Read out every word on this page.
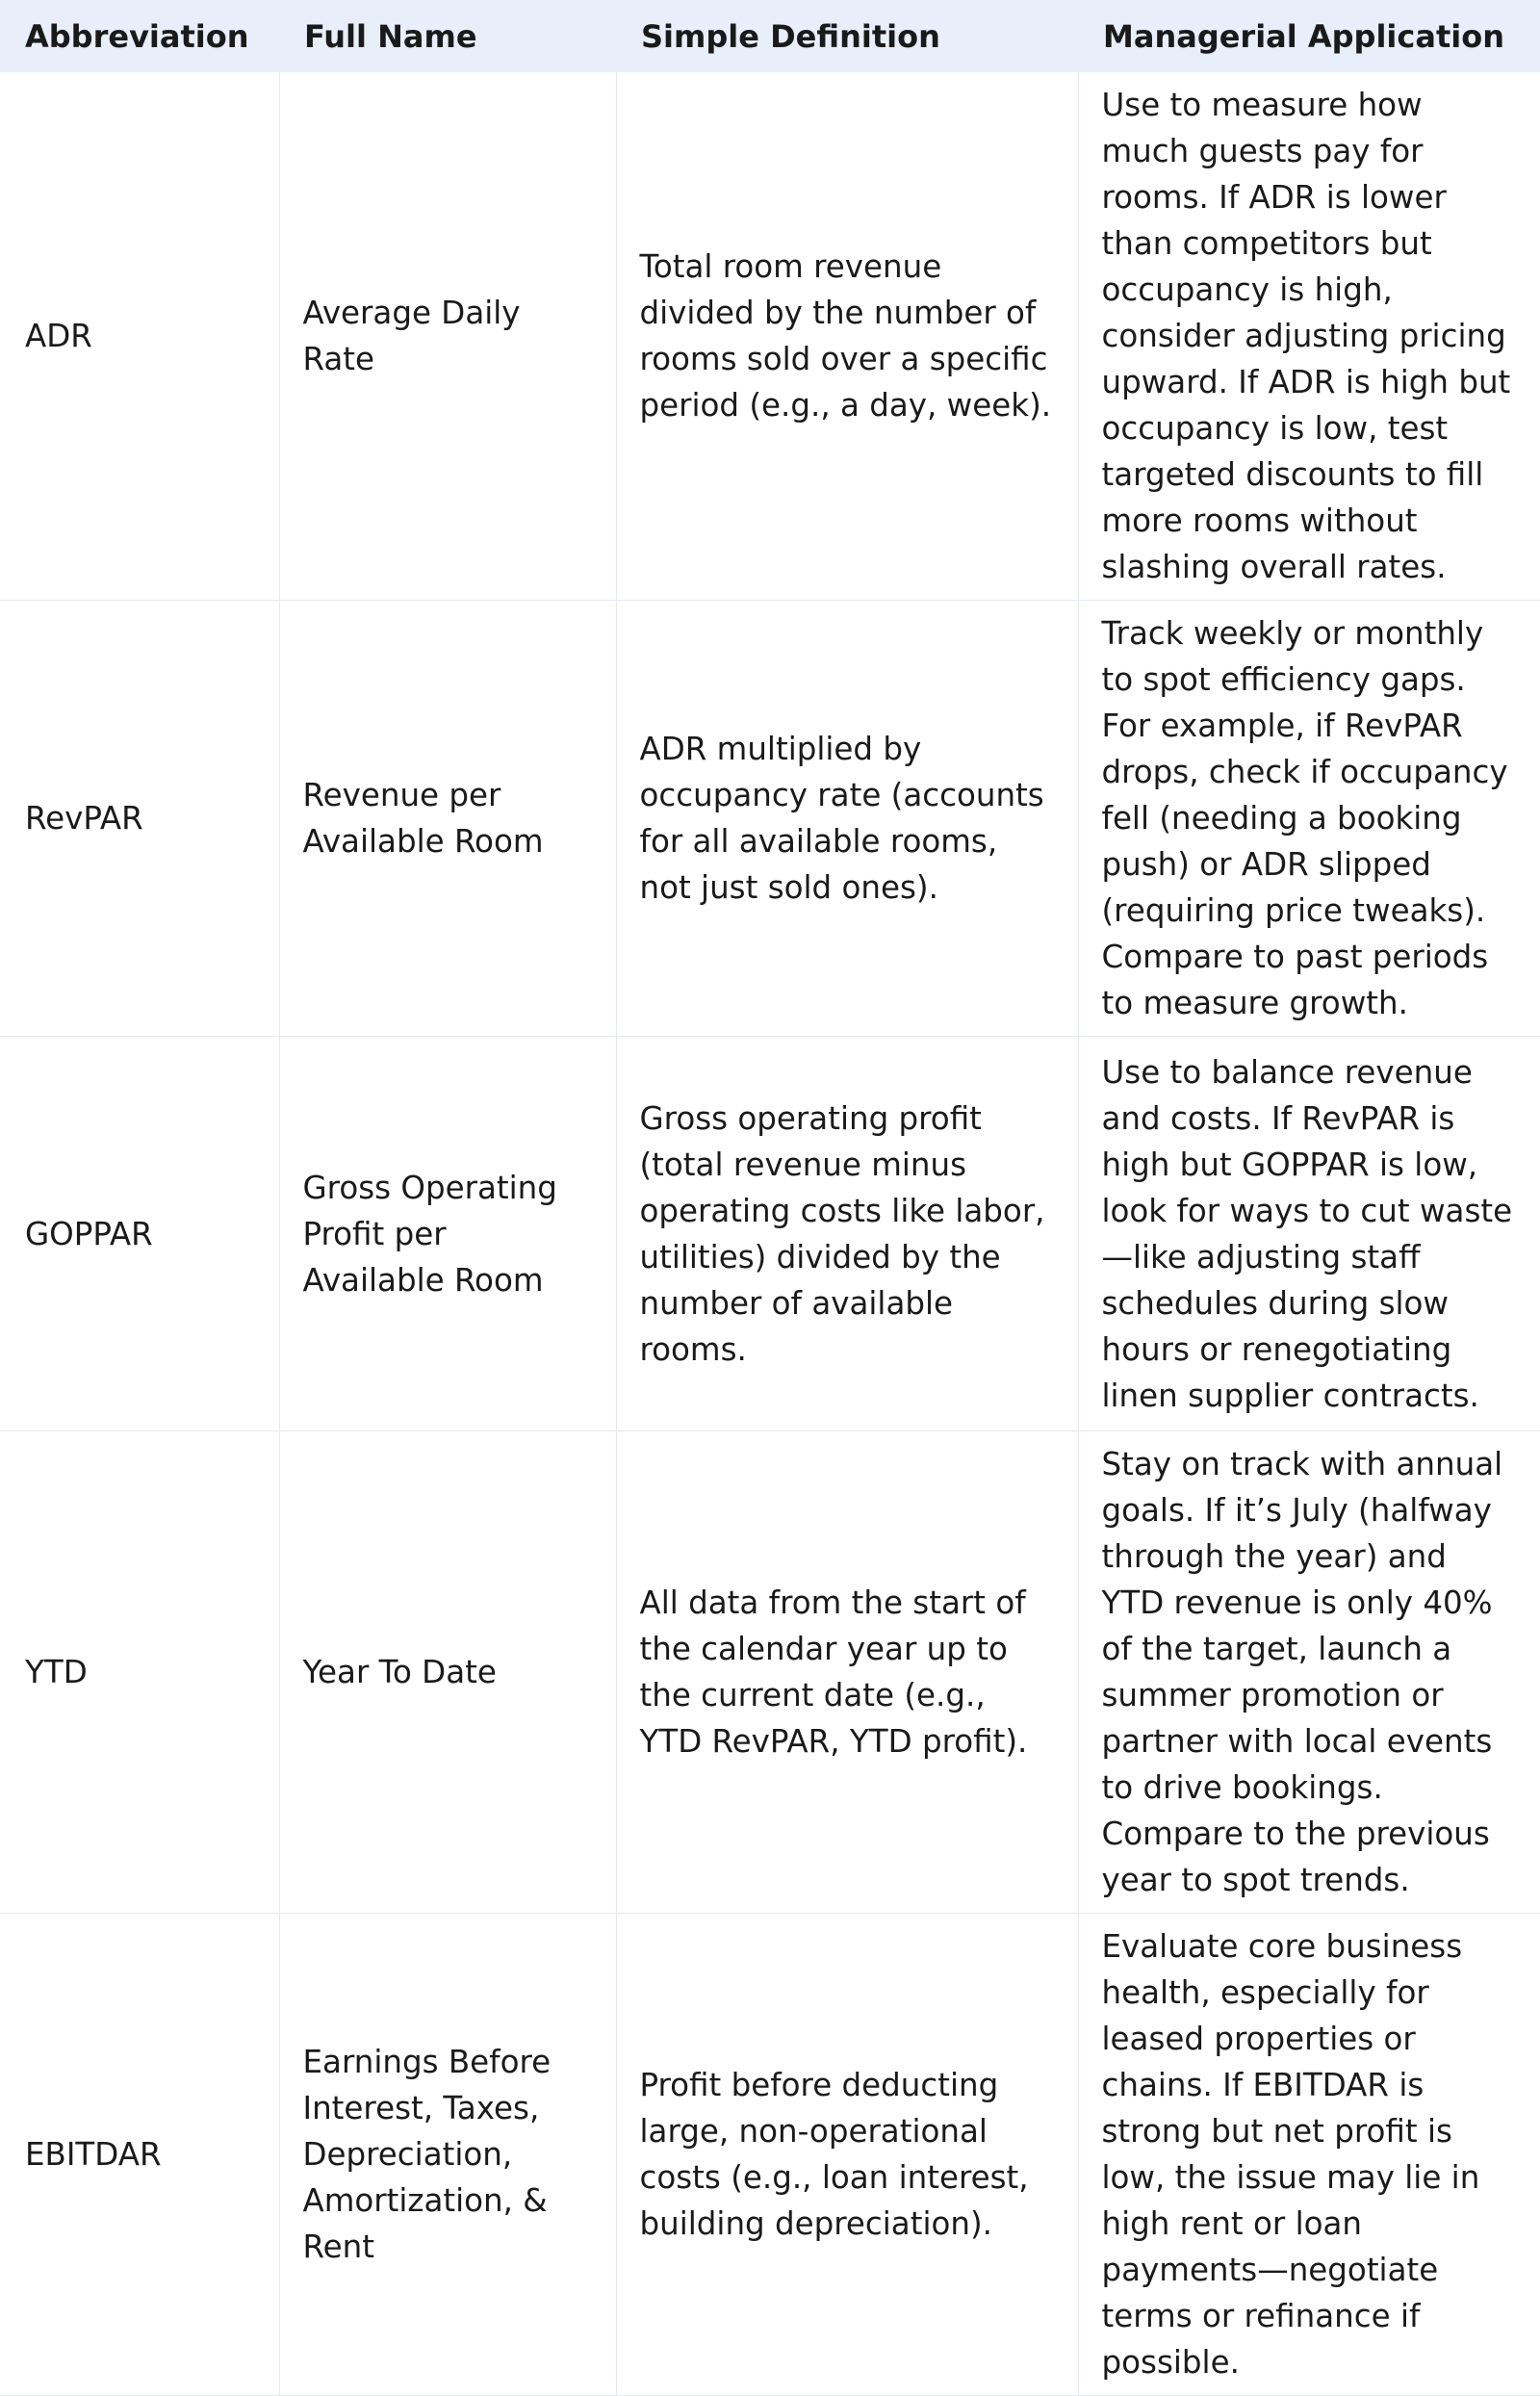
Abbreviation	Full Name	Simple Definition	Managerial Application
ADR	Average Daily Rate	Total room revenue divided by the number of rooms sold over a specific period (e.g., a day, week).	Use to measure how much guests pay for rooms. If ADR is lower than competitors but occupancy is high, consider adjusting pricing upward. If ADR is high but occupancy is low, test targeted discounts to fill more rooms without slashing overall rates.
RevPAR	Revenue per Available Room	ADR multiplied by occupancy rate (accounts for all available rooms, not just sold ones).	Track weekly or monthly to spot efficiency gaps. For example, if RevPAR drops, check if occupancy fell (needing a booking push) or ADR slipped (requiring price tweaks). Compare to past periods to measure growth.
GOPPAR	Gross Operating Profit per Available Room	Gross operating profit (total revenue minus operating costs like labor, utilities) divided by the number of available rooms.	Use to balance revenue and costs. If RevPAR is high but GOPPAR is low, look for ways to cut waste—like adjusting staff schedules during slow hours or renegotiating linen supplier contracts.
YTD	Year To Date	All data from the start of the calendar year up to the current date (e.g., YTD RevPAR, YTD profit).	Stay on track with annual goals. If it’s July (halfway through the year) and YTD revenue is only 40% of the target, launch a summer promotion or partner with local events to drive bookings. Compare to the previous year to spot trends.
EBITDAR	Earnings Before Interest, Taxes, Depreciation, Amortization, & Rent	Profit before deducting large, non-operational costs (e.g., loan interest, building depreciation).	Evaluate core business health, especially for leased properties or chains. If EBITDAR is strong but net profit is low, the issue may lie in high rent or loan payments—negotiate terms or refinance if possible.
